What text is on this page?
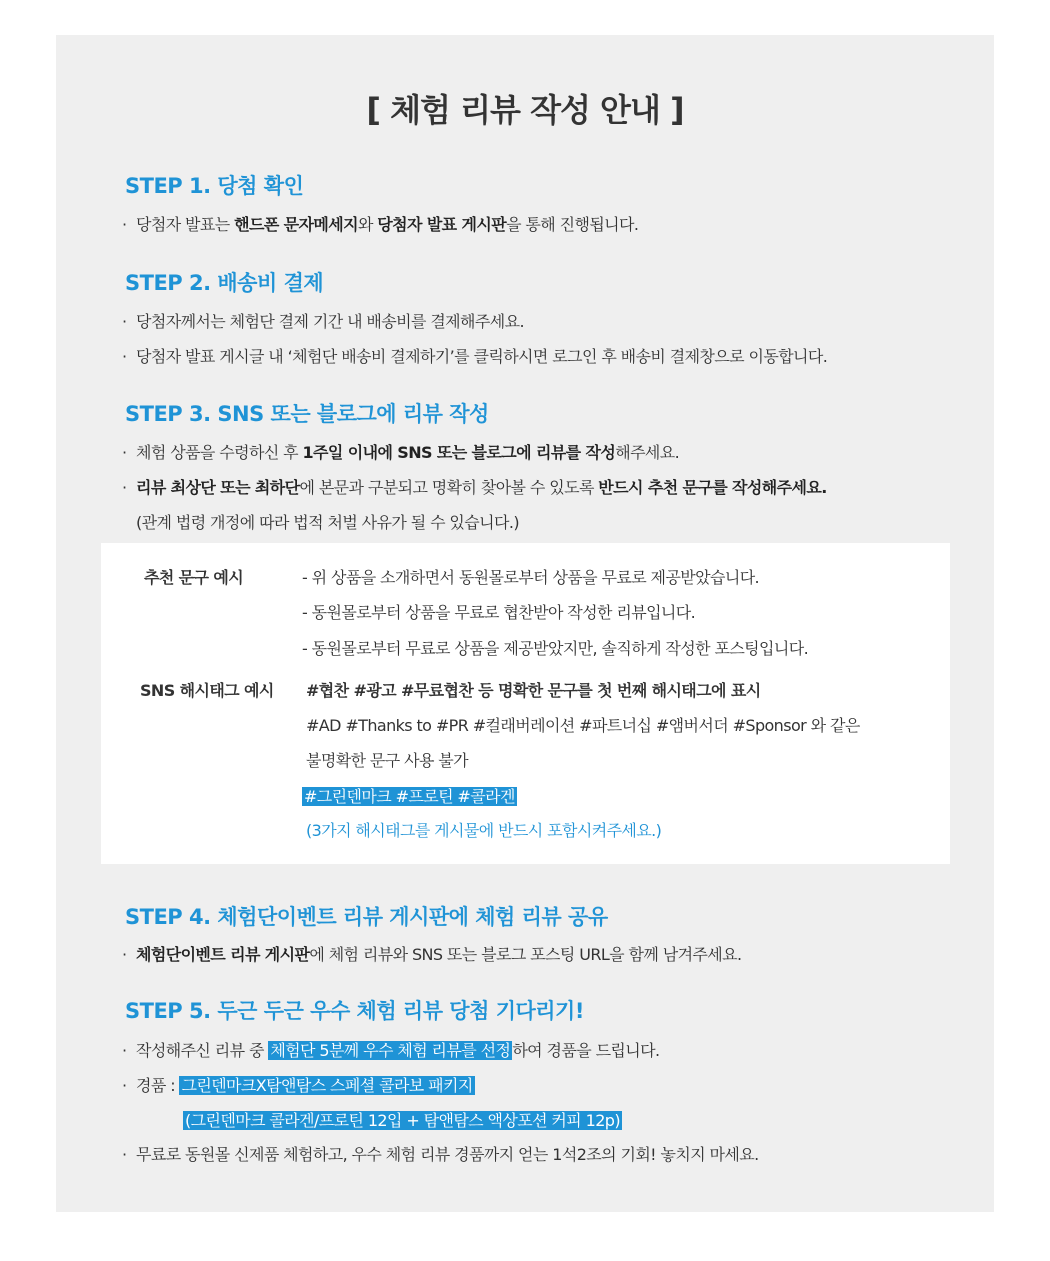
[ 체험 리뷰 작성 안내 ]
STEP 1. 당첨 확인
· 당첨자 발표는 핸드폰 문자메세지와 당첨자 발표 게시판을 통해 진행됩니다.
STEP 2. 배송비 결제
· 당첨자께서는 체험단 결제 기간 내 배송비를 결제해주세요.
· 당첨자 발표 게시글 내 ‘체험단 배송비 결제하기’를 클릭하시면 로그인 후 배송비 결제창으로 이동합니다.
STEP 3. SNS 또는 블로그에 리뷰 작성
· 체험 상품을 수령하신 후 1주일 이내에 SNS 또는 블로그에 리뷰를 작성해주세요.
· 리뷰 최상단 또는 최하단에 본문과 구분되고 명확히 찾아볼 수 있도록 반드시 추천 문구를 작성해주세요.
(관계 법령 개정에 따라 법적 처벌 사유가 될 수 있습니다.)
추천 문구 예시	- 위 상품을 소개하면서 동원몰로부터 상품을 무료로 제공받았습니다.
- 동원몰로부터 상품을 무료로 협찬받아 작성한 리뷰입니다.
- 동원몰로부터 무료로 상품을 제공받았지만, 솔직하게 작성한 포스팅입니다.
SNS 해시태그 예시 #협찬 #광고 #무료협찬 등 명확한 문구를 첫 번째 해시태그에 표시
#AD #Thanks to #PR #컬래버레이션 #파트너십 #앰버서더 #Sponsor 와 같은
불명확한 문구 사용 불가
#그린덴마크 #프로틴 #콜라겐
(3가지 해시태그를 게시물에 반드시 포함시켜주세요.)
STEP 4. 체험단이벤트 리뷰 게시판에 체험 리뷰 공유
· 체험단이벤트 리뷰 게시판에 체험 리뷰와 SNS 또는 블로그 포스팅 URL을 함께 남겨주세요.
STEP 5. 두근 두근 우수 체험 리뷰 당첨 기다리기!
· 작성해주신 리뷰 중 체험단 5분께 우수 체험 리뷰를 선정 하여 경품을 드립니다.
· 경품 : 그린덴마크X탐앤탐스 스페셜 콜라보 패키지
(그린덴마크 콜라겐/프로틴 12입 + 탐앤탐스 액상포션 커피 12p)
· 무료로 동원몰 신제품 체험하고, 우수 체험 리뷰 경품까지 얻는 1석2조의 기회! 놓치지 마세요.
